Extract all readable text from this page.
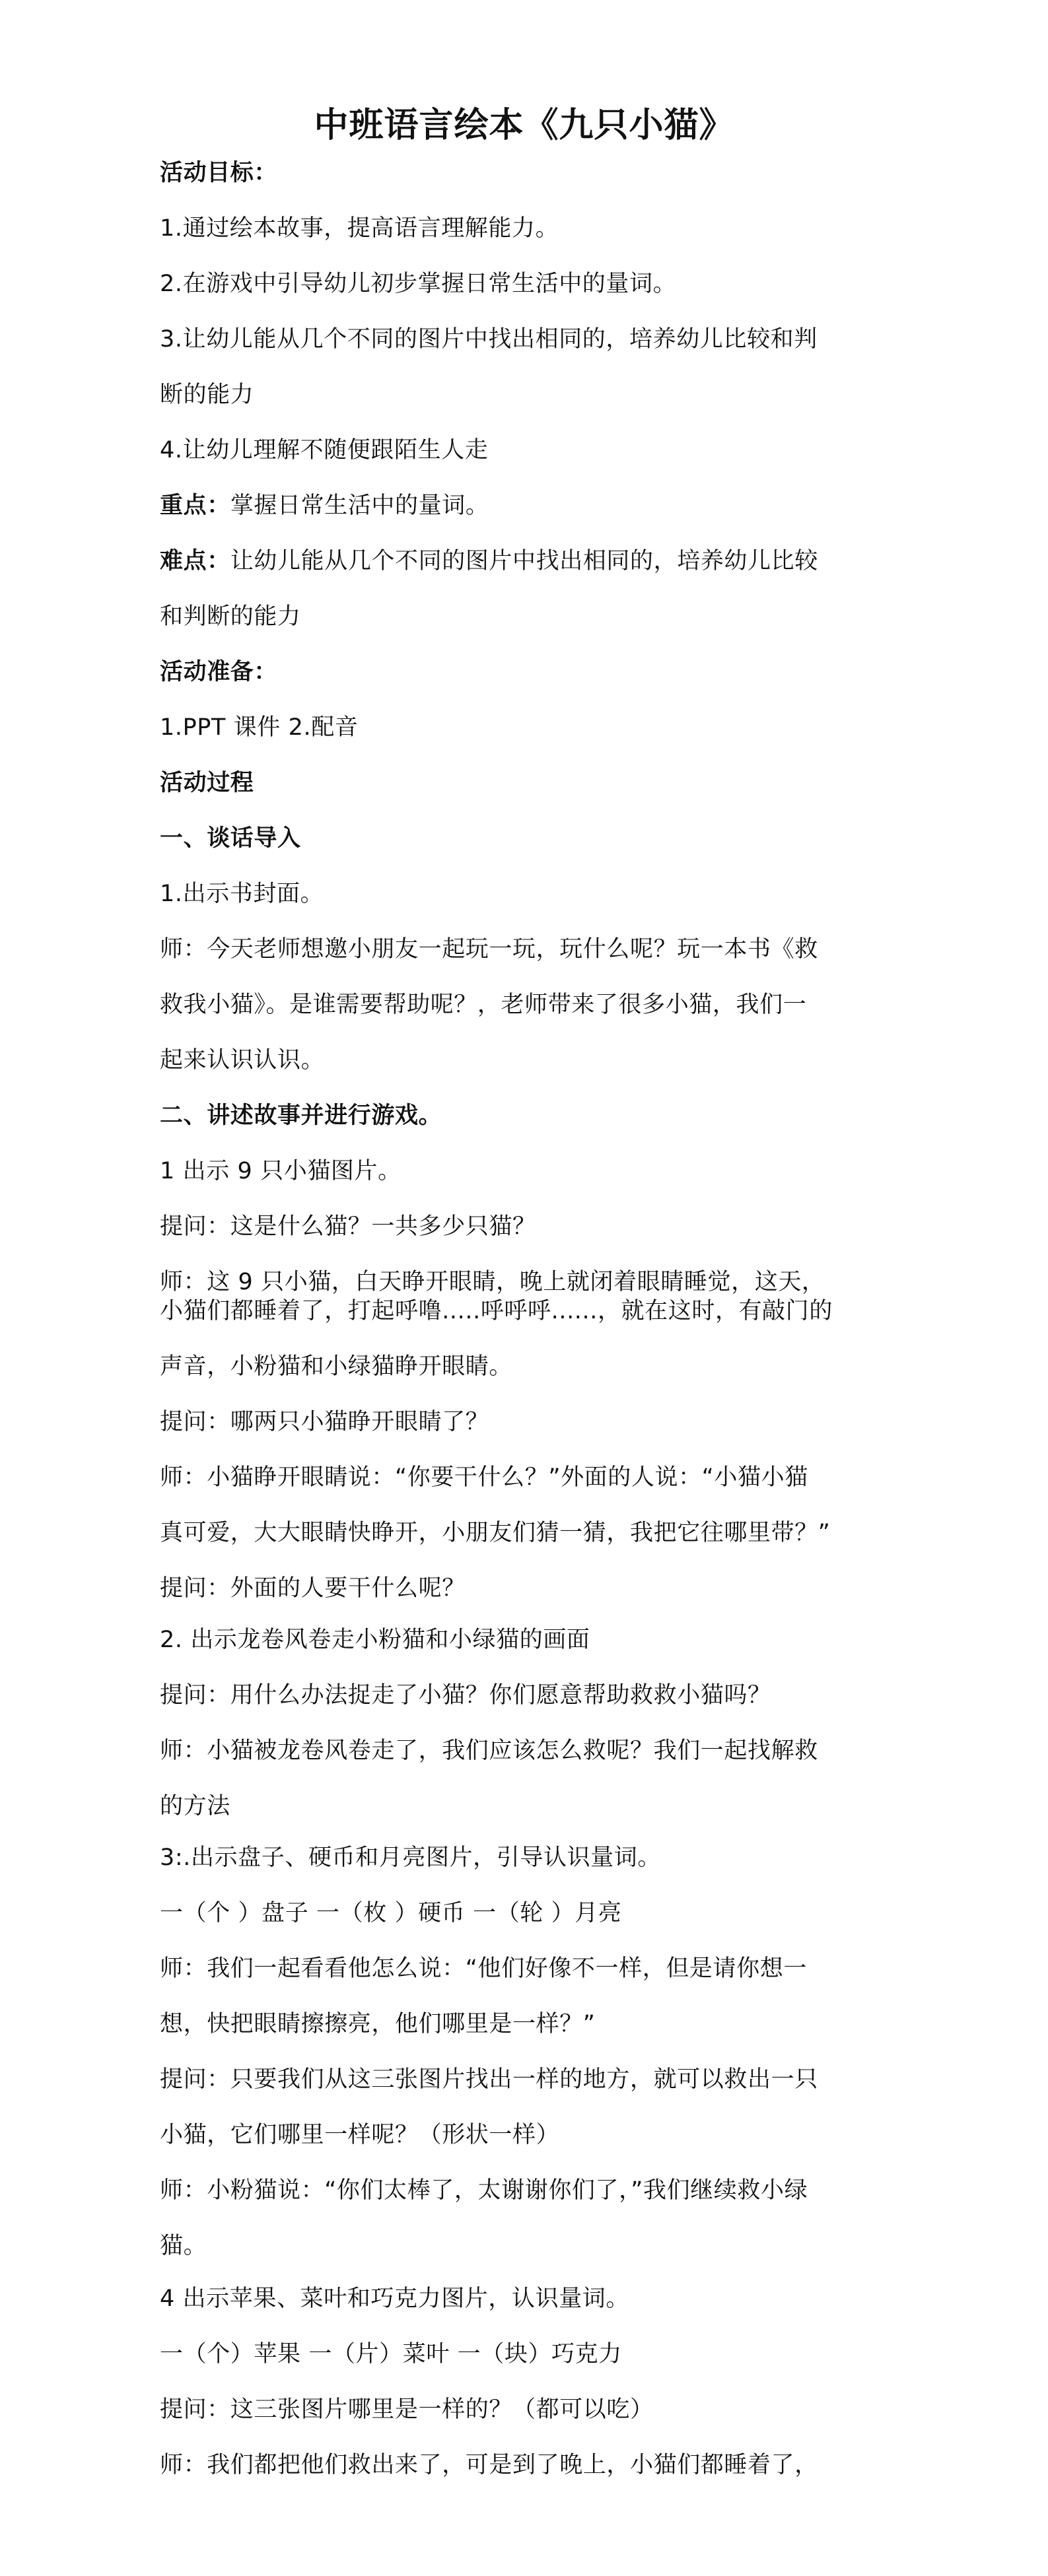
中班语言绘本《九只小猫》
活动目标：
1.通过绘本故事，提高语言理解能力。
2.在游戏中引导幼儿初步掌握日常生活中的量词。
3.让幼儿能从几个不同的图片中找出相同的，培养幼儿比较和判
断的能力
4.让幼儿理解不随便跟陌生人走
重点：掌握日常生活中的量词。
难点：让幼儿能从几个不同的图片中找出相同的，培养幼儿比较
和判断的能力
活动准备：
1.PPT 课件 2.配音
活动过程
一、谈话导入
1.出示书封面。
师：今天老师想邀小朋友一起玩一玩，玩什么呢？玩一本书《救
救我小猫》。是谁需要帮助呢？，老师带来了很多小猫，我们一
起来认识认识。
二、讲述故事并进行游戏。
1 出示 9 只小猫图片。
提问：这是什么猫？一共多少只猫？
师：这 9 只小猫，白天睁开眼睛，晚上就闭着眼睛睡觉，这天，
小猫们都睡着了，打起呼噜.....呼呼呼......，就在这时，有敲门的
声音，小粉猫和小绿猫睁开眼睛。
提问：哪两只小猫睁开眼睛了？
师：小猫睁开眼睛说：“你要干什么？”外面的人说：“小猫小猫
真可爱，大大眼睛快睁开，小朋友们猜一猜，我把它往哪里带？”
提问：外面的人要干什么呢？
2. 出示龙卷风卷走小粉猫和小绿猫的画面
提问：用什么办法捉走了小猫？你们愿意帮助救救小猫吗？
师：小猫被龙卷风卷走了，我们应该怎么救呢？我们一起找解救
的方法
3:.出示盘子、硬币和月亮图片，引导认识量词。
一（个 ）盘子 一（枚 ）硬币 一（轮 ）月亮
师：我们一起看看他怎么说：“他们好像不一样，但是请你想一
想，快把眼睛擦擦亮，他们哪里是一样？”
提问：只要我们从这三张图片找出一样的地方，就可以救出一只
小猫，它们哪里一样呢？（形状一样）
师：小粉猫说：“你们太棒了，太谢谢你们了，”我们继续救小绿
猫。
4 出示苹果、菜叶和巧克力图片，认识量词。
一（个）苹果 一（片）菜叶 一（块）巧克力
提问：这三张图片哪里是一样的？（都可以吃）
师：我们都把他们救出来了，可是到了晚上，小猫们都睡着了，
